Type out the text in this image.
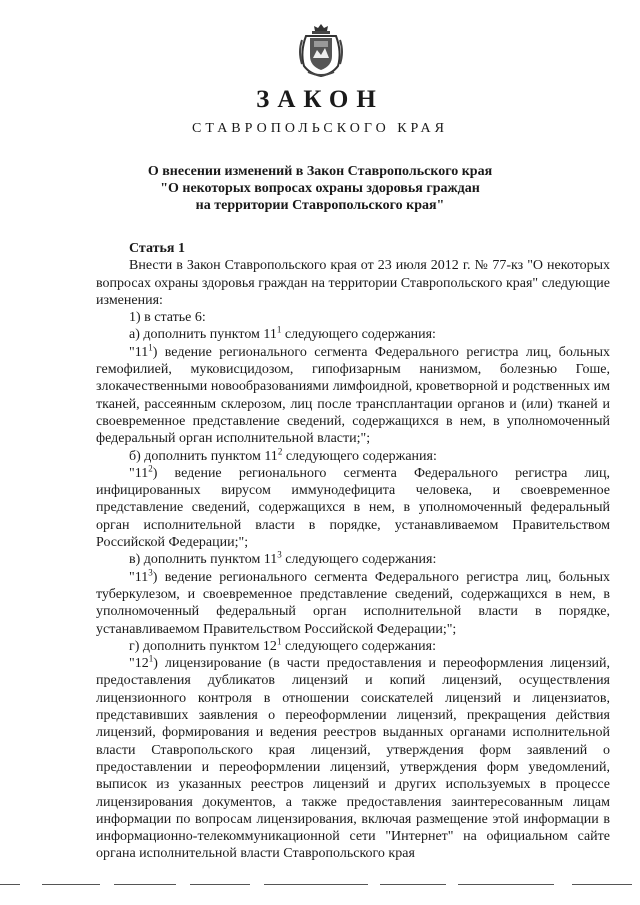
ЗАКОН
СТАВРОПОЛЬСКОГО КРАЯ
О внесении изменений в Закон Ставропольского края
"О некоторых вопросах охраны здоровья граждан
на территории Ставропольского края"

Статья 1

Внести в Закон Ставропольского края от 23 июля 2012 г. № 77-кз "О некоторых вопросах охраны здоровья граждан на территории Ставропольского края" следующие изменения:

1) в статье 6:

а) дополнить пунктом $11^1$ следующего содержания:

"$11^1$) ведение регионального сегмента Федерального регистра лиц, больных гемофилией, муковисцидозом, гипофизарным нанизмом, болезнью Гоше, злокачественными новообразованиями лимфоидной, кроветворной и родственных им тканей, рассеянным склерозом, лиц после трансплантации органов и (или) тканей и своевременное представление сведений, содержащихся в нем, в уполномоченный федеральный орган исполнительной власти;";

б) дополнить пунктом $11^2$ следующего содержания:

"$11^2$) ведение регионального сегмента Федерального регистра лиц, инфицированных вирусом иммунодефицита человека, и своевременное представление сведений, содержащихся в нем, в уполномоченный федеральный орган исполнительной власти в порядке, устанавливаемом Правительством Российской Федерации;";

в) дополнить пунктом $11^3$ следующего содержания:

"$11^3$) ведение регионального сегмента Федерального регистра лиц, больных туберкулезом, и своевременное представление сведений, содержащихся в нем, в уполномоченный федеральный орган исполнительной власти в порядке, устанавливаемом Правительством Российской Федерации;";

г) дополнить пунктом $12^1$ следующего содержания:

"$12^1$) лицензирование (в части предоставления и переоформления лицензий, предоставления дубликатов лицензий и копий лицензий, осуществления лицензионного контроля в отношении соискателей лицензий и лицензиатов, представивших заявления о переоформлении лицензий, прекращения действия лицензий, формирования и ведения реестров выданных органами исполнительной власти Ставропольского края лицензий, утверждения форм заявлений о предоставлении и переоформлении лицензий, утверждения форм уведомлений, выписок из указанных реестров лицензий и других используемых в процессе лицензирования документов, а также предоставления заинтересованным лицам информации по вопросам лицензирования, включая размещение этой информации в информационно-телекоммуникационной сети "Интернет" на официальном сайте органа исполнительной власти Ставропольского края
